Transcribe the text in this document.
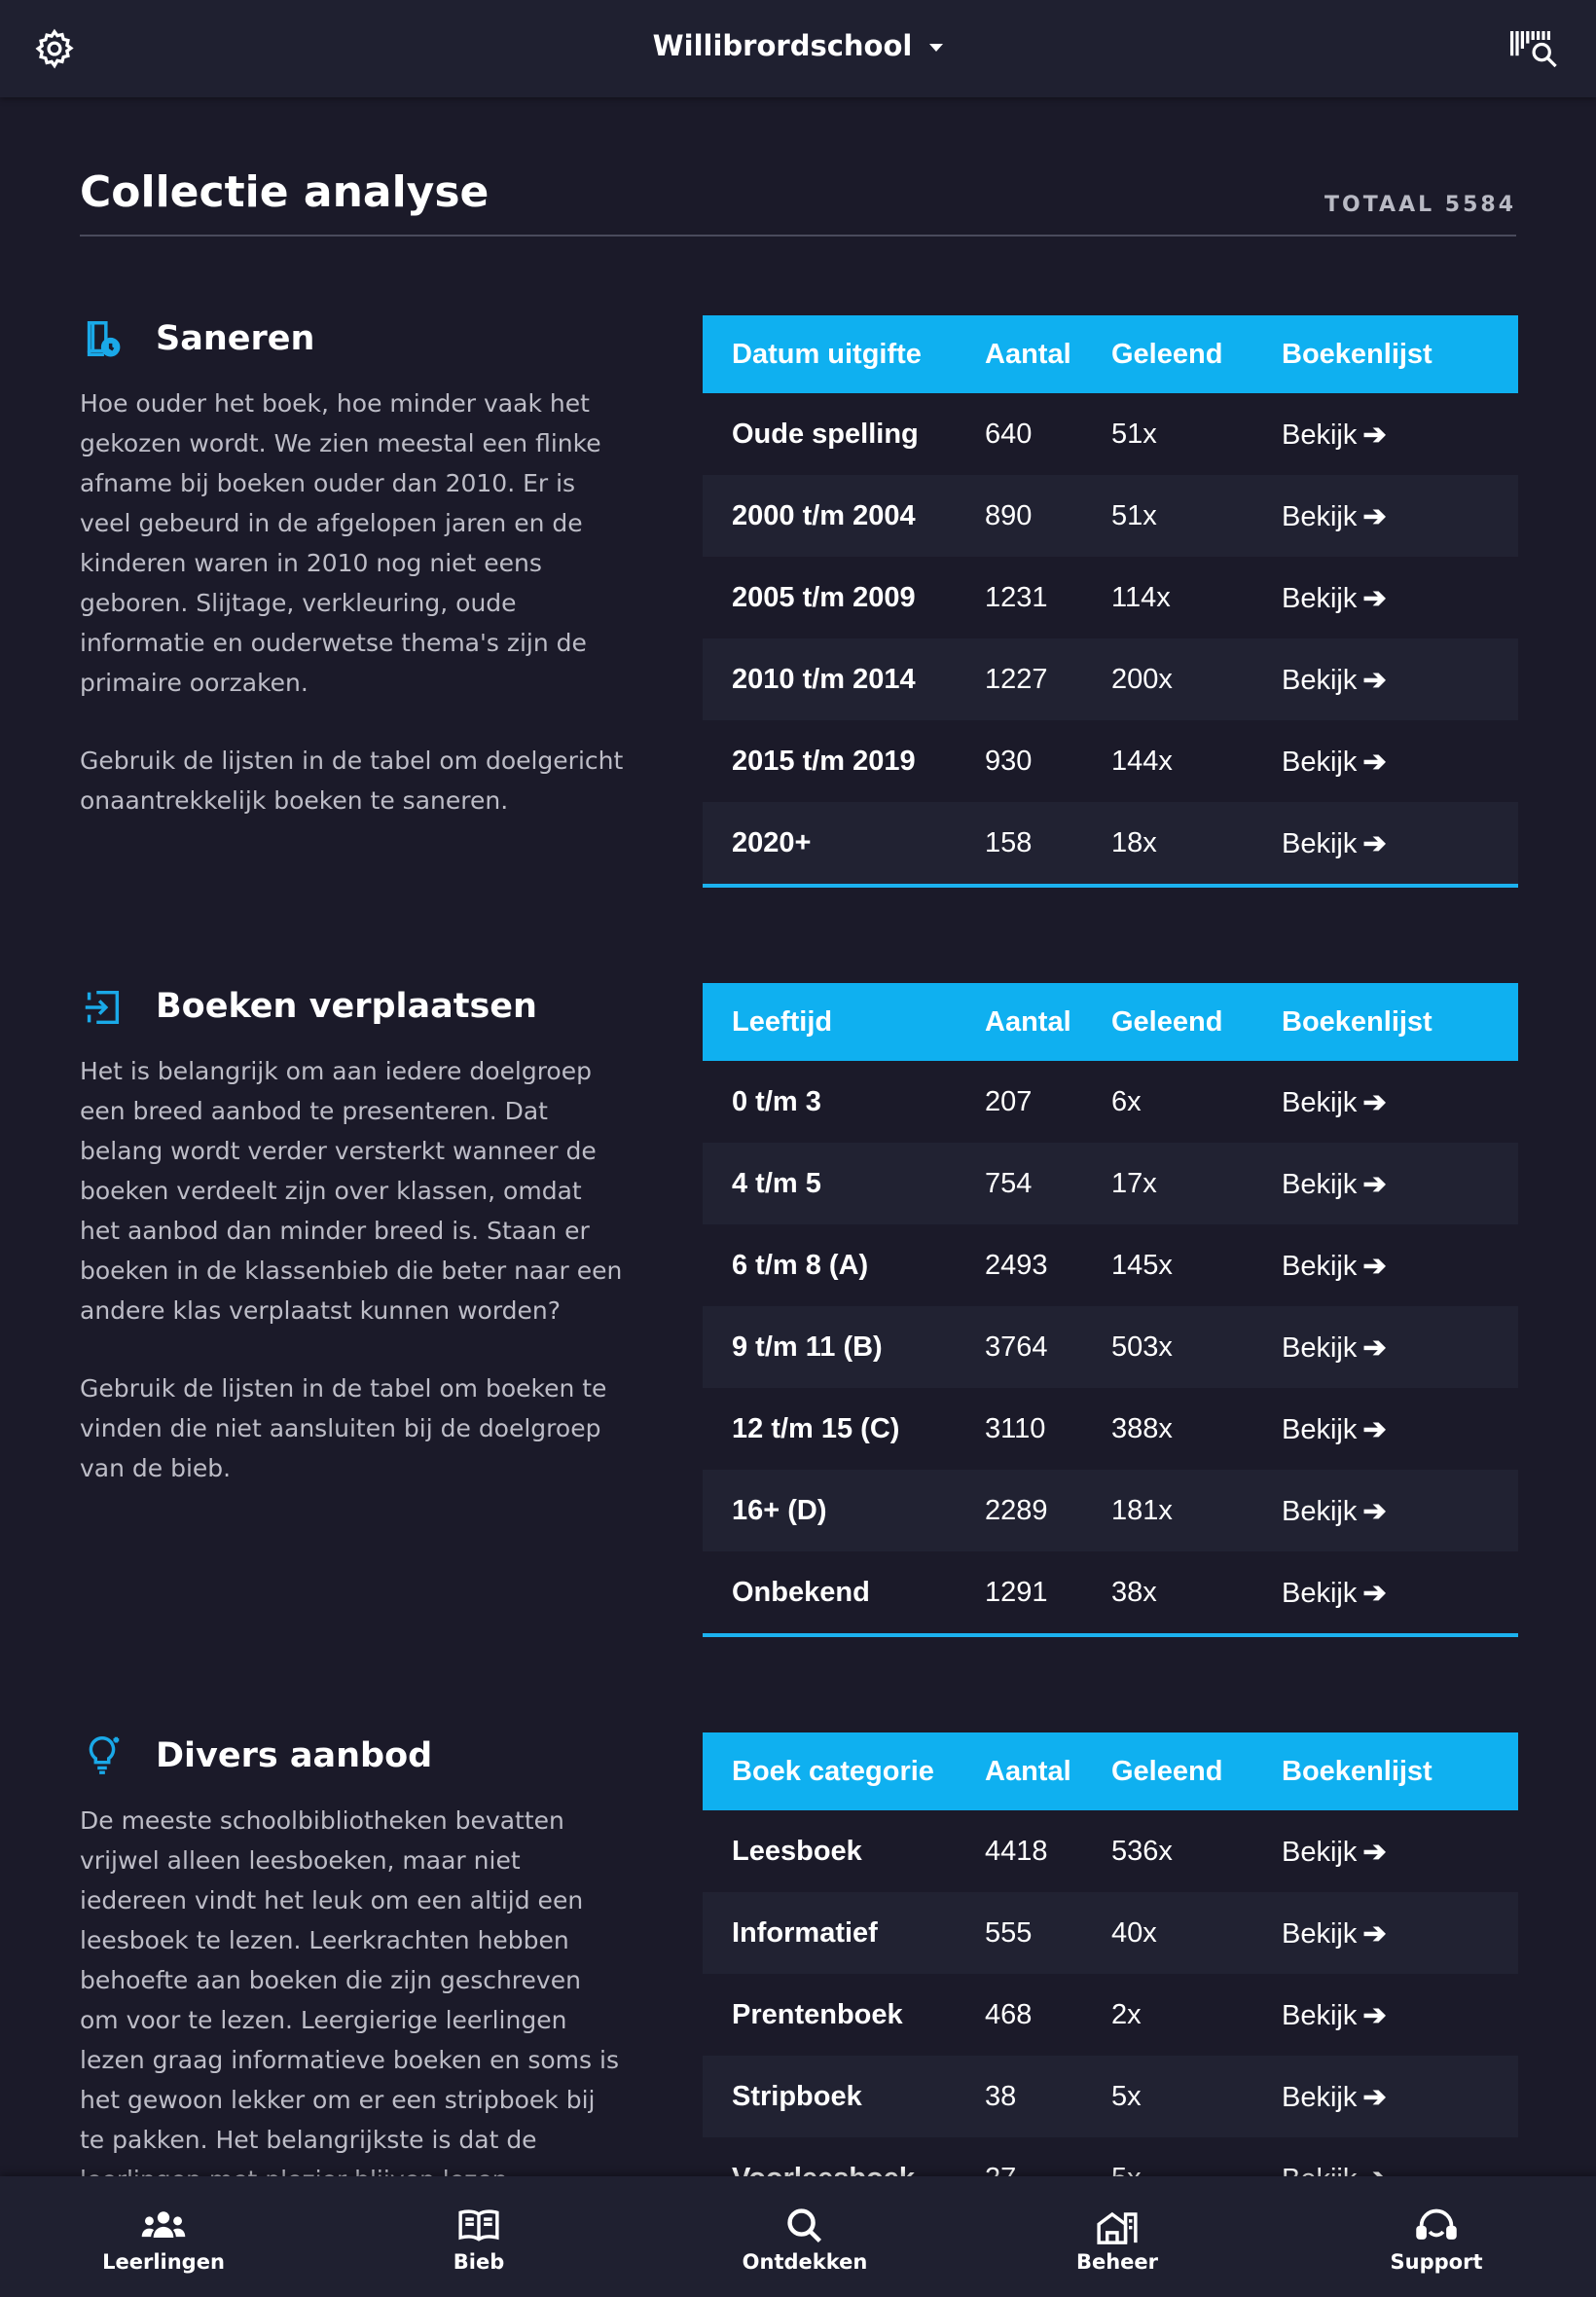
Willibrordschool
Collectie analyse	TOTAAL 5584
Saneren

Hoe ouder het boek, hoe minder vaak het gekozen wordt. We zien meestal een flinke afname bij boeken ouder dan 2010. Er is veel gebeurd in de afgelopen jaren en de kinderen waren in 2010 nog niet eens geboren. Slijtage, verkleuring, oude informatie en ouderwetse thema's zijn de primaire oorzaken.

Gebruik de lijsten in de tabel om doelgericht onaantrekkelijk boeken te saneren.

Datum uitgifte	Aantal	Geleend	Boekenlijst
Oude spelling	640	51x	Bekijk ➔
2000 t/m 2004	890	51x	Bekijk ➔
2005 t/m 2009	1231	114x	Bekijk ➔
2010 t/m 2014	1227	200x	Bekijk ➔
2015 t/m 2019	930	144x	Bekijk ➔
2020+	158	18x	Bekijk ➔
Boeken verplaatsen

Het is belangrijk om aan iedere doelgroep een breed aanbod te presenteren. Dat belang wordt verder versterkt wanneer de boeken verdeelt zijn over klassen, omdat het aanbod dan minder breed is. Staan er boeken in de klassenbieb die beter naar een andere klas verplaatst kunnen worden?

Gebruik de lijsten in de tabel om boeken te vinden die niet aansluiten bij de doelgroep van de bieb.

Leeftijd	Aantal	Geleend	Boekenlijst
0 t/m 3	207	6x	Bekijk ➔
4 t/m 5	754	17x	Bekijk ➔
6 t/m 8 (A)	2493	145x	Bekijk ➔
9 t/m 11 (B)	3764	503x	Bekijk ➔
12 t/m 15 (C)	3110	388x	Bekijk ➔
16+ (D)	2289	181x	Bekijk ➔
Onbekend	1291	38x	Bekijk ➔
Divers aanbod

De meeste schoolbibliotheken bevatten vrijwel alleen leesboeken, maar niet iedereen vindt het leuk om een altijd een leesboek te lezen. Leerkrachten hebben behoefte aan boeken die zijn geschreven om voor te lezen. Leergierige leerlingen lezen graag informatieve boeken en soms is het gewoon lekker om er een stripboek bij te pakken. Het belangrijkste is dat de

Boek categorie	Aantal	Geleend	Boekenlijst
Leesboek	4418	536x	Bekijk ➔
Informatief	555	40x	Bekijk ➔
Prentenboek	468	2x	Bekijk ➔
Stripboek	38	5x	Bekijk ➔

Leerlingen	Bieb	Ontdekken	Beheer	Support
